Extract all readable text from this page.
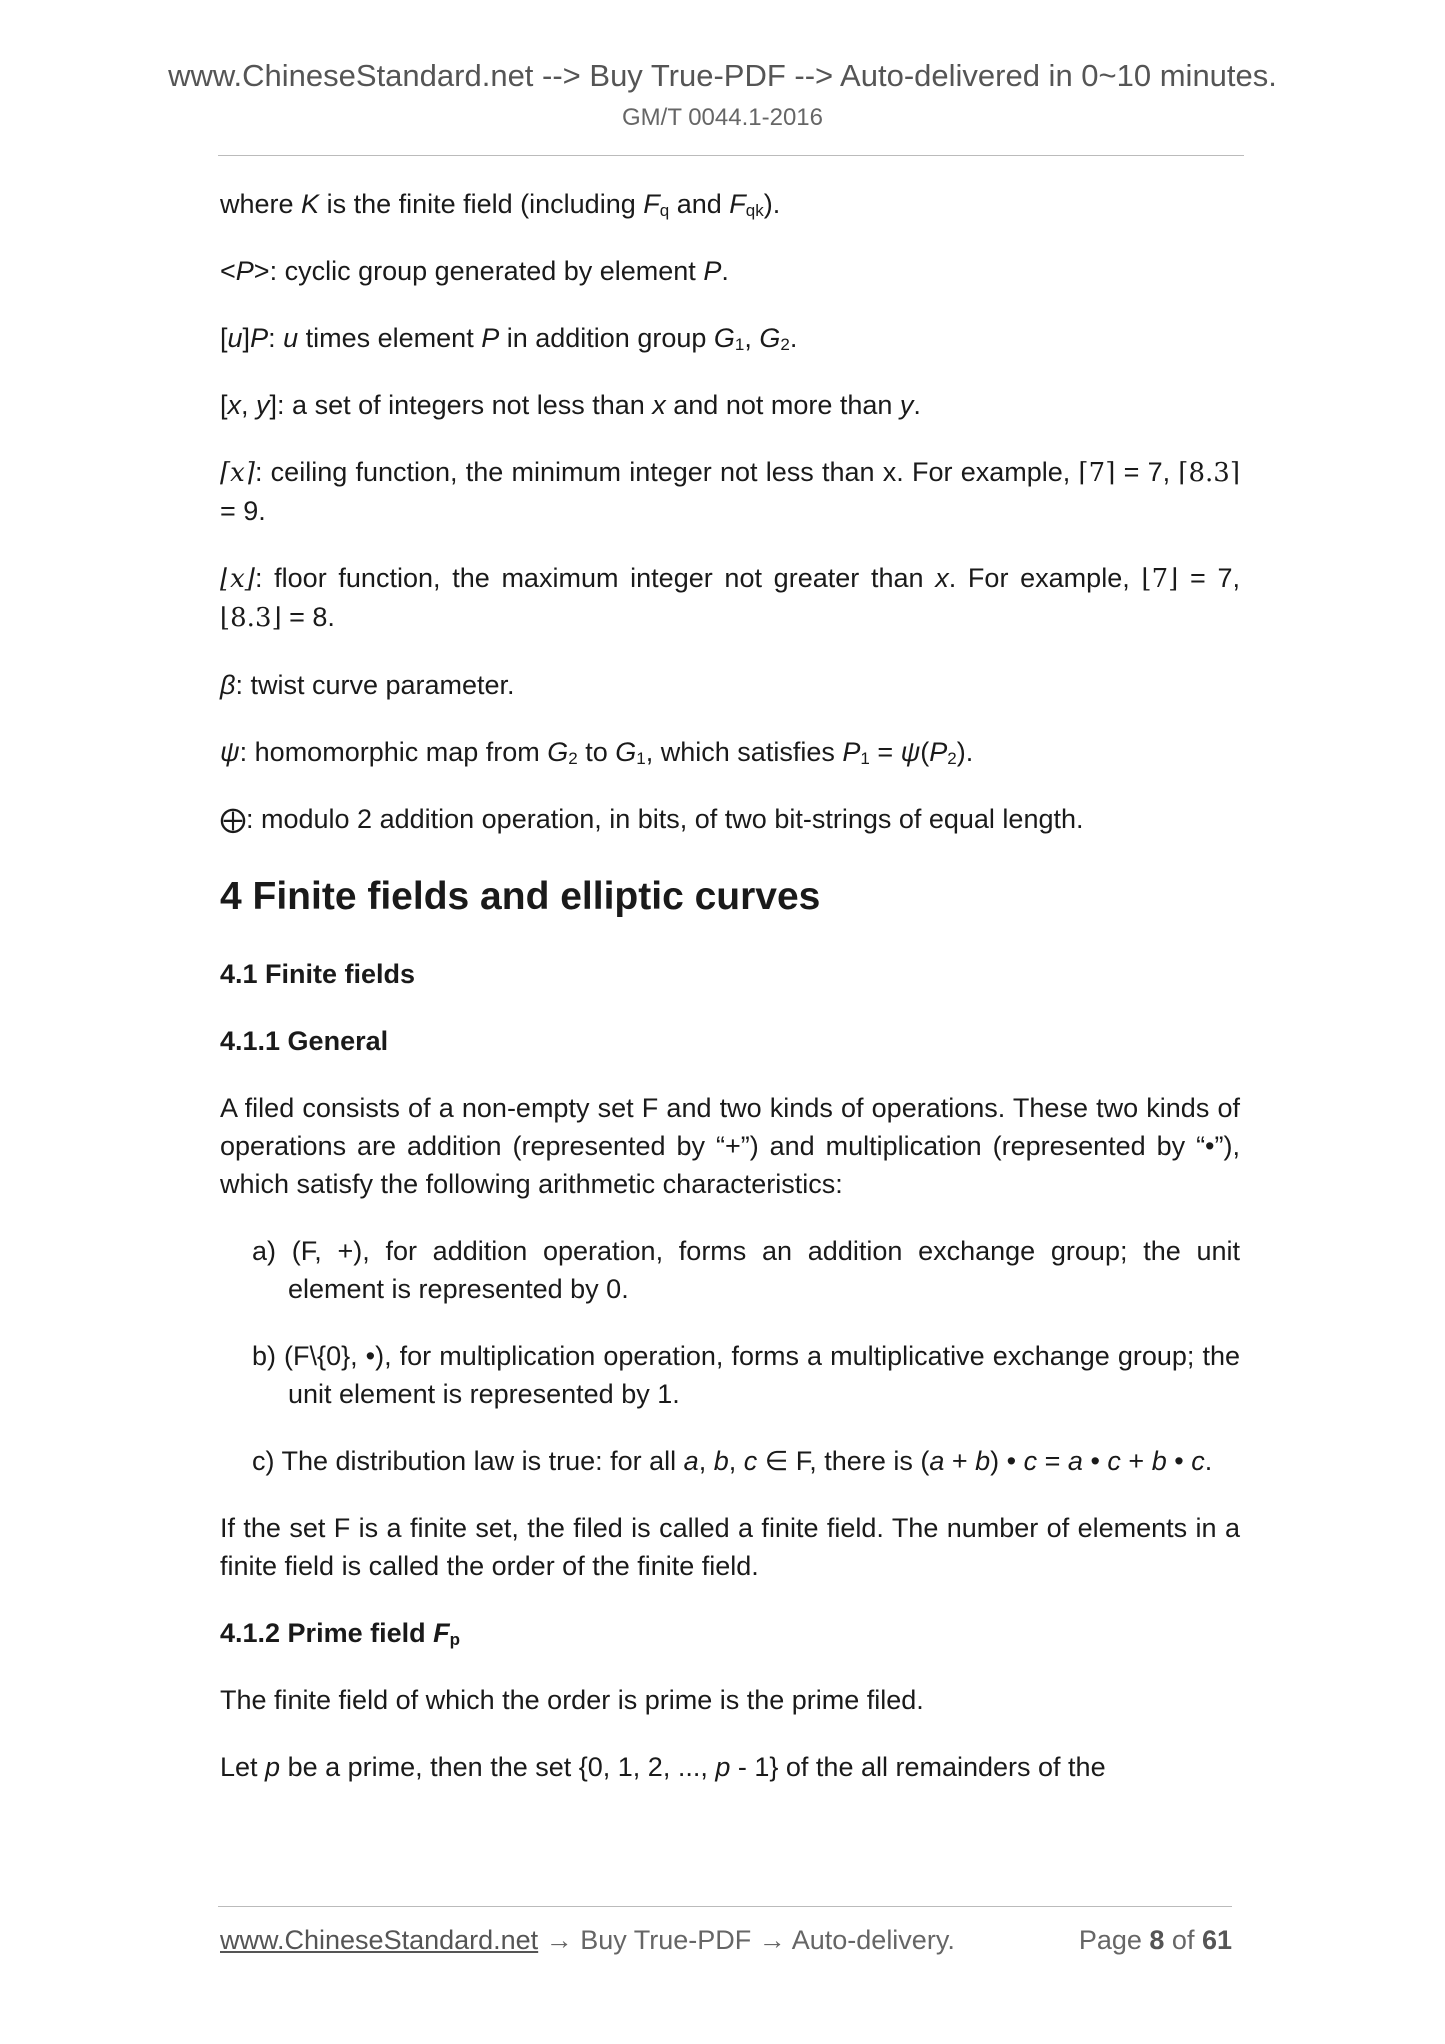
www.ChineseStandard.net --> Buy True-PDF --> Auto-delivered in 0~10 minutes.
GM/T 0044.1-2016

where K is the finite field (including $F_q$ and $F_{qk}$).

<P>: cyclic group generated by element P.

[u]P: u times element P in addition group $G_1$, $G_2$.

[x, y]: a set of integers not less than x and not more than y.

⌈x⌉: ceiling function, the minimum integer not less than x. For example, ⌈7⌉ = 7, ⌈8.3⌉ = 9.

⌊x⌋: floor function, the maximum integer not greater than x. For example, ⌊7⌋ = 7, ⌊8.3⌋ = 8.

β: twist curve parameter.

ψ: homomorphic map from $G_2$ to $G_1$, which satisfies $P_1 = \psi(P_2)$.

⨁: modulo 2 addition operation, in bits, of two bit-strings of equal length.

4 Finite fields and elliptic curves
4.1 Finite fields
4.1.1 General

A filed consists of a non-empty set F and two kinds of operations. These two kinds of operations are addition (represented by “+”) and multiplication (represented by “•”), which satisfy the following arithmetic characteristics:

a) (F, +), for addition operation, forms an addition exchange group; the unit element is represented by 0.

b) (F\{0}, •), for multiplication operation, forms a multiplicative exchange group; the unit element is represented by 1.

c) The distribution law is true: for all a, b, c ∈ F, there is (a + b) • c = a • c + b • c.

If the set F is a finite set, the filed is called a finite field. The number of elements in a finite field is called the order of the finite field.

4.1.2 Prime field $F_p$

The finite field of which the order is prime is the prime filed.

Let p be a prime, then the set {0, 1, 2, ..., p - 1} of the all remainders of the

www.ChineseStandard.net → Buy True-PDF → Auto-delivery.	Page 8 of 61
